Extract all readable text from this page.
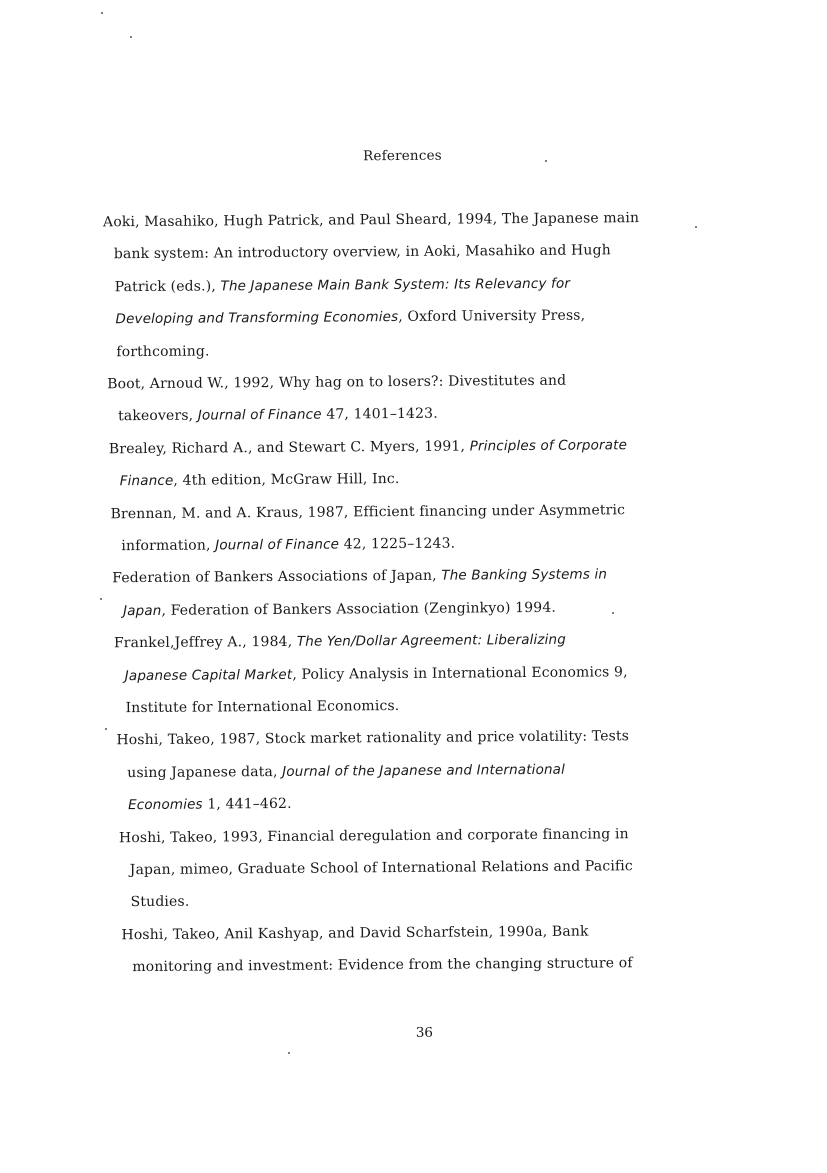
References
Aoki, Masahiko, Hugh Patrick, and Paul Sheard, 1994, The Japanese main
bank system: An introductory overview, in Aoki, Masahiko and Hugh
Patrick (eds.), The Japanese Main Bank System: Its Relevancy for
Developing and Transforming Economies, Oxford University Press,
forthcoming.
Boot, Arnoud W., 1992, Why hag on to losers?: Divestitutes and
takeovers, Journal of Finance 47, 1401–1423.
Brealey, Richard A., and Stewart C. Myers, 1991, Principles of Corporate
Finance, 4th edition, McGraw Hill, Inc.
Brennan, M. and A. Kraus, 1987, Efficient financing under Asymmetric
information, Journal of Finance 42, 1225–1243.
Federation of Bankers Associations of Japan, The Banking Systems in
Japan, Federation of Bankers Association (Zenginkyo) 1994.
Frankel,Jeffrey A., 1984, The Yen/Dollar Agreement: Liberalizing
Japanese Capital Market, Policy Analysis in International Economics 9,
Institute for International Economics.
Hoshi, Takeo, 1987, Stock market rationality and price volatility: Tests
using Japanese data, Journal of the Japanese and International
Economies 1, 441–462.
Hoshi, Takeo, 1993, Financial deregulation and corporate financing in
Japan, mimeo, Graduate School of International Relations and Pacific
Studies.
Hoshi, Takeo, Anil Kashyap, and David Scharfstein, 1990a, Bank
monitoring and investment: Evidence from the changing structure of
36
